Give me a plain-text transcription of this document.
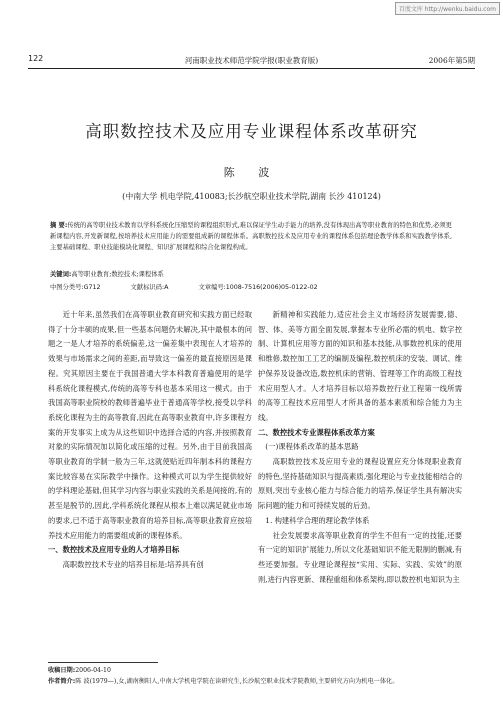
百度文库 http://wenku.baidu.com
122	河南职业技术师范学院学报(职业教育版)	2006年第5期
高职数控技术及应用专业课程体系改革研究
陈 波
(中南大学 机电学院,410083;长沙航空职业技术学院,湖南 长沙 410124)
摘 要:传统的高等职业技术教育以学科系统化压缩型的课程组织形式,难以保证学生动手能力的培养,没有体现出高等职业教育的特色和优势,必须更新课程内容,开发新课程,按培养技术应用能力的需要组成新的课程体系。高职数控技术及应用专业的课程体系包括理论教学体系和实践教学体系,主要基础课程、职业技能模块化课程、知识扩展课程和综合化课程构成。
关键词:高等职业教育;数控技术;课程体系
中图分类号:G712	文献标识码:A	文章编号:1008-7516(2006)05-0122-02

近十年来,虽然我们在高等职业教育研究和实践方面已经取得了十分丰硕的成果,但一些基本问题仍未解决,其中最根本的问题之一是人才培养的系统偏差,这一偏差集中表现在人才培养的效果与市场需求之间的差距,而导致这一偏差的最直接原因是课程。究其原因主要在于我国普通大学本科教育普遍使用的是学科系统化课程模式,传统的高等专科也基本采用这一模式。由于我国高等职业院校的教师普遍毕业于普通高等学校,接受以学科系统化课程为主的高等教育,因此在高等职业教育中,许多课程方案的开发事实上成为从这些知识中选择合适的内容,并按照教育对象的实际情况加以简化或压缩的过程。另外,由于目前我国高等职业教育的学制一般为三年,这就使贴近四年制本科的课程方案比较容易在实际教学中操作。这种模式可以为学生提供较好的学科理论基础,但其学习内容与职业实践的关系是间接的,有的甚至是脱节的,因此,学科系统化课程从根本上难以满足就业市场的要求,已不适于高等职业教育的培养目标,高等职业教育应按培养技术应用能力的需要组成新的课程体系。

一、数控技术及应用专业的人才培养目标

高职数控技术专业的培养目标是:培养具有创

新精神和实践能力,适应社会主义市场经济发展需要,德、智、体、美等方面全面发展,掌握本专业所必需的机电、数字控制、计算机应用等方面的知识和基本技能,从事数控机床的使用和维修,数控加工工艺的编制及编程,数控机床的安装、调试、维护保养及设备改造,数控机床的营销、管理等工作的高级工程技术应用型人才。人才培养目标以培养数控行业工程第一线所需的高等工程技术应用型人才所具备的基本素质和综合能力为主线。

二、数控技术专业课程体系改革方案
(一)课程体系改革的基本思路

高职数控技术及应用专业的课程设置应充分体现职业教育的特色,坚持基础知识与提高素质,强化理论与专业技能相结合的原则,突出专业核心能力与综合能力的培养,保证学生具有解决实际问题的能力和可持续发展的后劲。

1. 构建科学合理的理论教学体系

社会发展要求高等职业教育的学生不但有一定的技能,还要有一定的知识扩展能力,所以文化基础知识不能无限制的删减,有些还要加强。专业理论课程按“实用、实际、实践、实效”的原则,进行内容更新、课程重组和体系架构,即以数控机电知识为主

收稿日期:2006-04-10
作者简介:陈 波(1979—),女,湖南衡阳人,中南大学机电学院在读研究生,长沙航空职业技术学院教师,主要研究方向为机电一体化。
